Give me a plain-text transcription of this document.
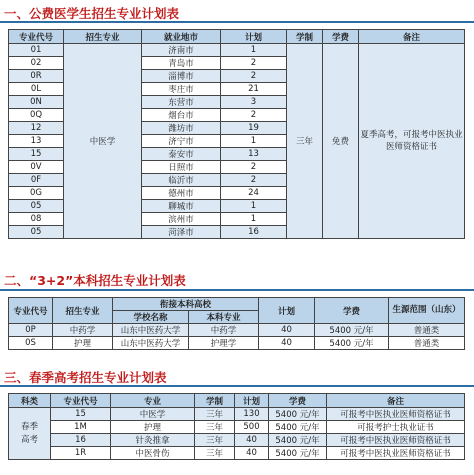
一、公费医学生招生专业计划表
专业代号	招生专业	就业地市	计划	学制	学费	备注
01	中医学	济南市	1	三年	免费	夏季高考，可报考中医执业医师资格证书
02		青岛市	2			
0R		淄博市	2			
0L		枣庄市	21			
0N		东营市	3			
0Q		烟台市	2			
12		潍坊市	19			
13		济宁市	1			
15		泰安市	13			
0V		日照市	2			
0F		临沂市	2			
0G		德州市	24			
05		聊城市	1			
08		滨州市	1			
05		菏泽市	16			
二、“3+2”本科招生专业计划表
专业代号	招生专业	衔接本科高校		计划	学费	生源范围（山东）
		学校名称	本科专业			
0P	中药学	山东中医药大学	中药学	40	5400 元/年	普通类
0S	护理	山东中医药大学	护理学	40	5400 元/年	普通类
三、春季高考招生专业计划表
科类	专业代号	专业	学制	计划	学费	备注
春季高考	15	中医学	三年	130	5400 元/年	可报考中医执业医师资格证书
	1M	护理	三年	500	5400 元/年	可报考护士执业证书
	16	针灸推拿	三年	40	5400 元/年	可报考中医执业医师资格证书
	1R	中医骨伤	三年	40	5400 元/年	可报考中医执业医师资格证书
